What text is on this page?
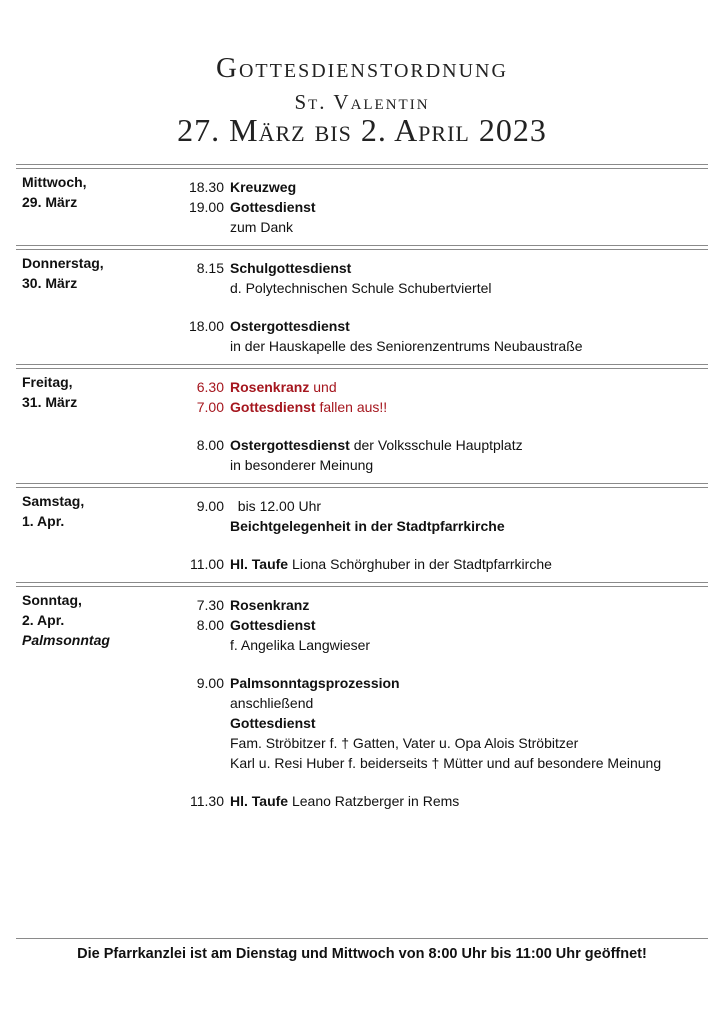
Gottesdienstordnung
St. Valentin
27. März bis 2. April 2023
Mittwoch,
29. März
18.30 Kreuzweg
19.00 Gottesdienst
zum Dank
Donnerstag,
30. März
8.15 Schulgottesdienst
d. Polytechnischen Schule Schubertviertel
18.00 Ostergottesdienst
in der Hauskapelle des Seniorenzentrums Neubaustraße
Freitag,
31. März
6.30 Rosenkranz und
7.00 Gottesdienst fallen aus!!
8.00 Ostergottesdienst der Volksschule Hauptplatz
in besonderer Meinung
Samstag,
1. Apr.
9.00 bis 12.00 Uhr
Beichtgelegenheit in der Stadtpfarrkirche
11.00 Hl. Taufe Liona Schörghuber in der Stadtpfarrkirche
Sonntag,
2. Apr.
Palmsonntag
7.30 Rosenkranz
8.00 Gottesdienst
f. Angelika Langwieser
9.00 Palmsonntagsprozession
anschließend
Gottesdienst
Fam. Ströbitzer f. † Gatten, Vater u. Opa Alois Ströbitzer
Karl u. Resi Huber f. beiderseits † Mütter und auf besondere Meinung
11.30 Hl. Taufe Leano Ratzberger in Rems
Die Pfarrkanzlei ist am Dienstag und Mittwoch von 8:00 Uhr bis 11:00 Uhr geöffnet!
